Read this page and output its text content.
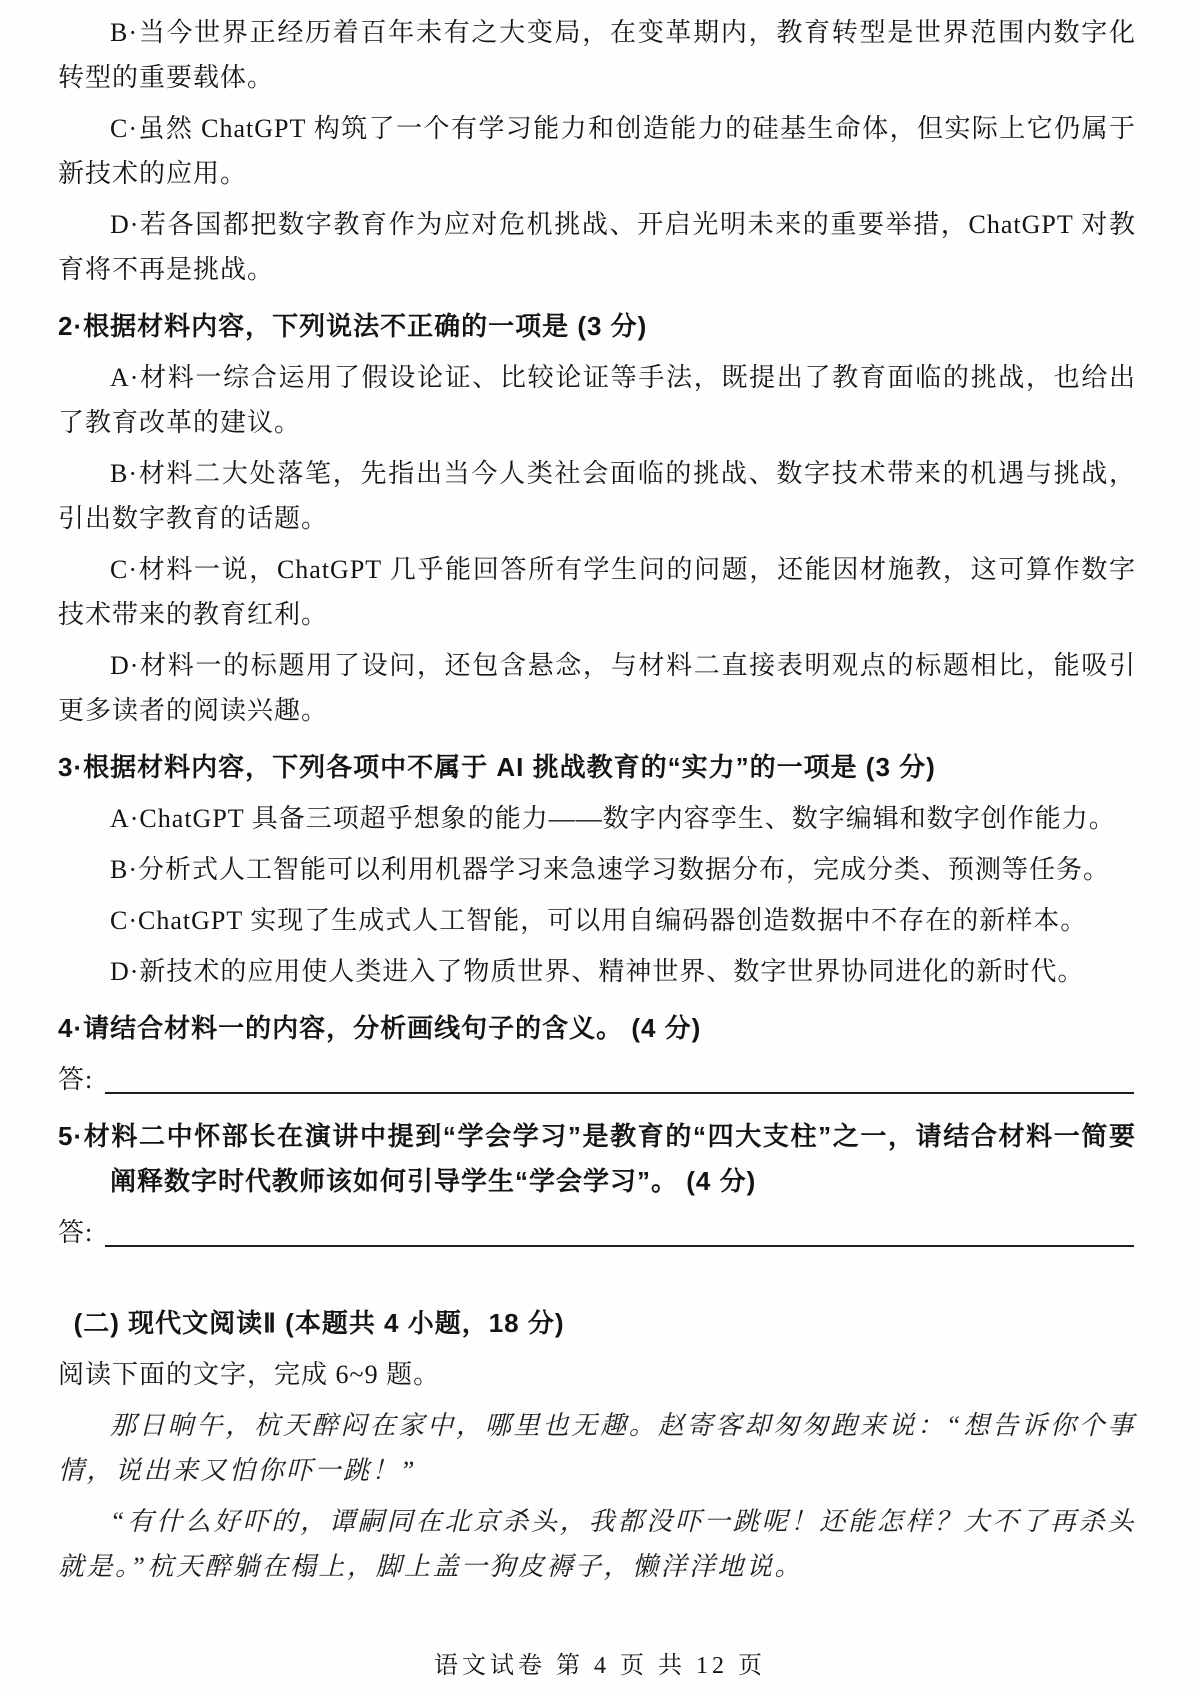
B·当今世界正经历着百年未有之大变局，在变革期内，教育转型是世界范围内数字化转型的重要载体。
C·虽然 ChatGPT 构筑了一个有学习能力和创造能力的硅基生命体，但实际上它仍属于新技术的应用。
D·若各国都把数字教育作为应对危机挑战、开启光明未来的重要举措，ChatGPT 对教育将不再是挑战。
2·根据材料内容，下列说法不正确的一项是 (3 分)
A·材料一综合运用了假设论证、比较论证等手法，既提出了教育面临的挑战，也给出了教育改革的建议。
B·材料二大处落笔，先指出当今人类社会面临的挑战、数字技术带来的机遇与挑战，引出数字教育的话题。
C·材料一说，ChatGPT 几乎能回答所有学生问的问题，还能因材施教，这可算作数字技术带来的教育红利。
D·材料一的标题用了设问，还包含悬念，与材料二直接表明观点的标题相比，能吸引更多读者的阅读兴趣。
3·根据材料内容，下列各项中不属于 AI 挑战教育的“实力”的一项是 (3 分)
A·ChatGPT 具备三项超乎想象的能力——数字内容孪生、数字编辑和数字创作能力。
B·分析式人工智能可以利用机器学习来急速学习数据分布，完成分类、预测等任务。
C·ChatGPT 实现了生成式人工智能，可以用自编码器创造数据中不存在的新样本。
D·新技术的应用使人类进入了物质世界、精神世界、数字世界协同进化的新时代。
4·请结合材料一的内容，分析画线句子的含义。 (4 分)
答:
5·材料二中怀部长在演讲中提到“学会学习”是教育的“四大支柱”之一，请结合材料一简要阐释数字时代教师该如何引导学生“学会学习”。 (4 分)
答:
(二) 现代文阅读Ⅱ (本题共 4 小题，18 分)
阅读下面的文字，完成 6~9 题。
那日晌午，杭天醉闷在家中，哪里也无趣。赵寄客却匆匆跑来说：“想告诉你个事情，说出来又怕你吓一跳！”
“有什么好吓的，谭嗣同在北京杀头，我都没吓一跳呢！还能怎样？大不了再杀头就是。”杭天醉躺在榻上，脚上盖一狗皮褥子，懒洋洋地说。
语文试卷 第 4 页 共 12 页
